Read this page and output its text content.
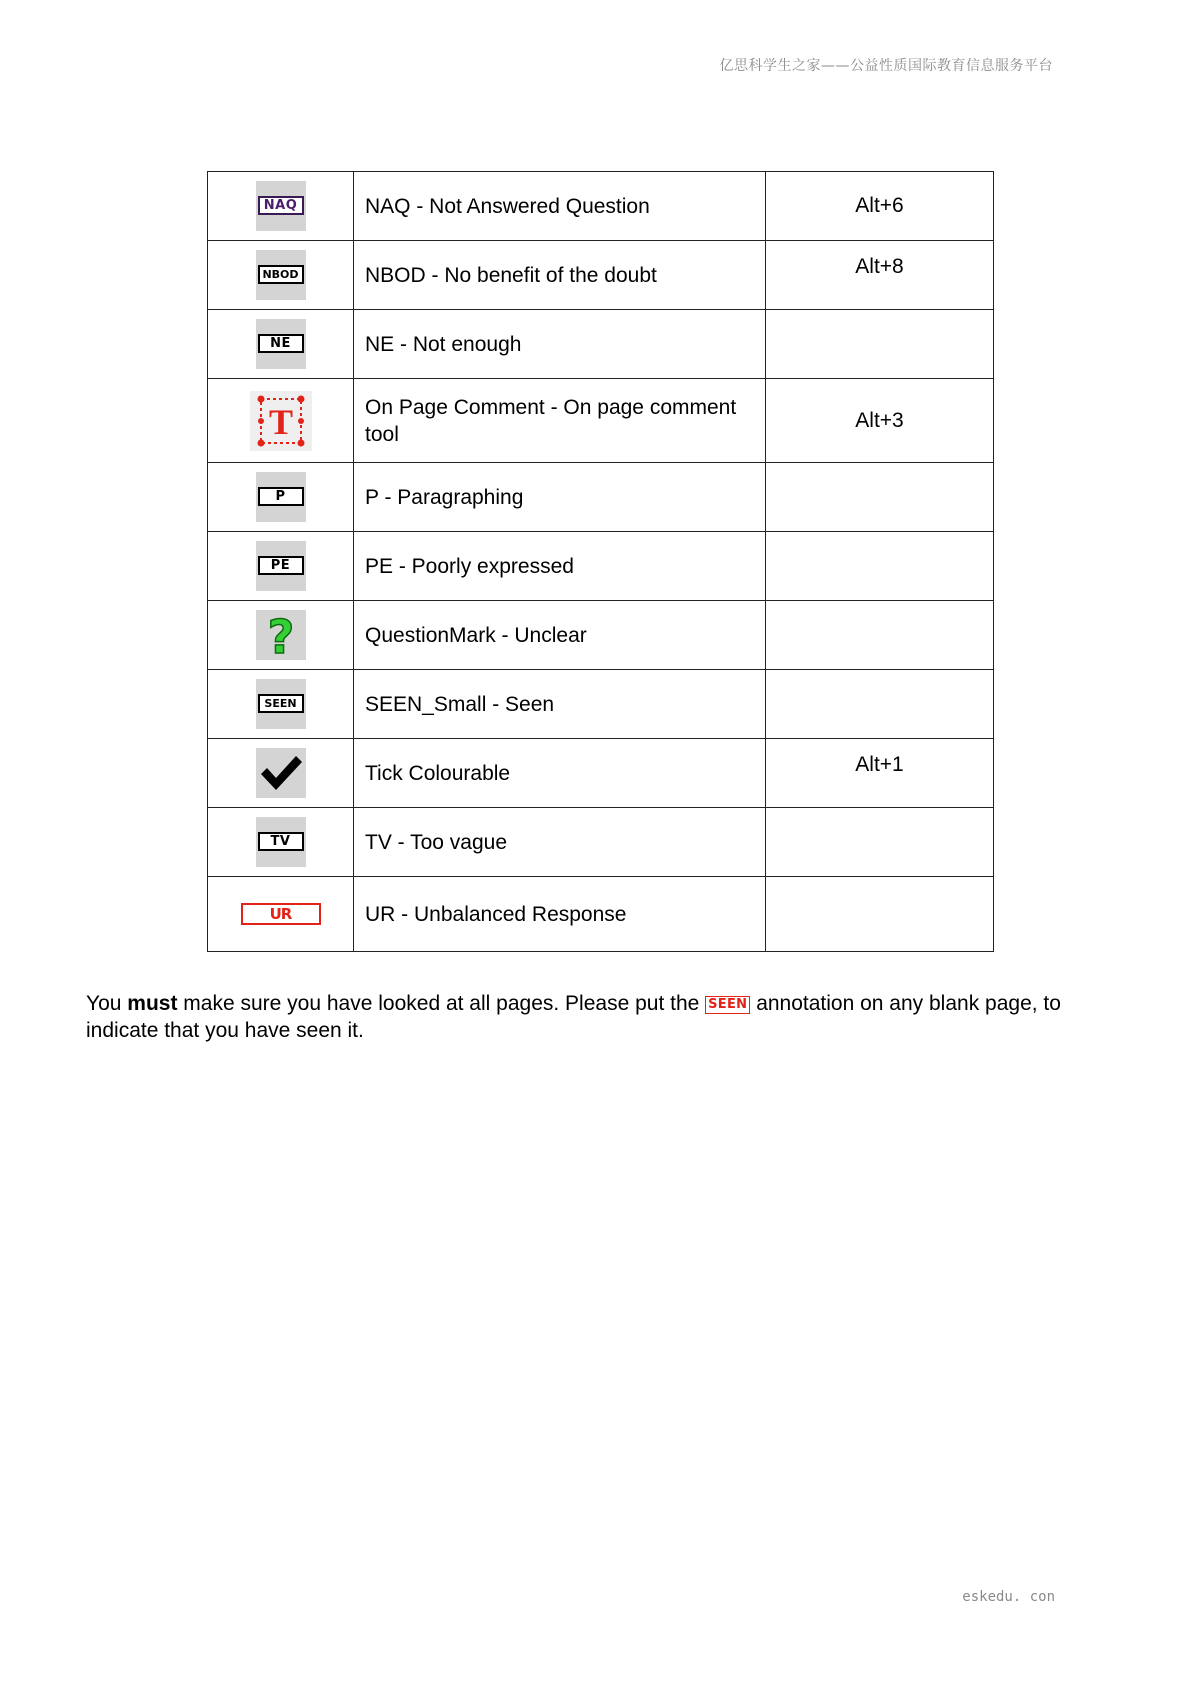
亿思科学生之家——公益性质国际教育信息服务平台
NAQ	NAQ - Not Answered Question	Alt+6

NBOD	NBOD - No benefit of the doubt	Alt+8

NE	NE - Not enough	

T	On Page Comment - On page comment tool	Alt+3

P	P - Paragraphing	

PE	PE - Poorly expressed	

?	QuestionMark - Unclear	

SEEN	SEEN_Small - Seen	

	Tick Colourable	Alt+1

TV	TV - Too vague	
UR	UR - Unbalanced Response	
You must make sure you have looked at all pages. Please put the SEEN annotation on any blank page, to indicate that you have seen it.
eskedu. con
